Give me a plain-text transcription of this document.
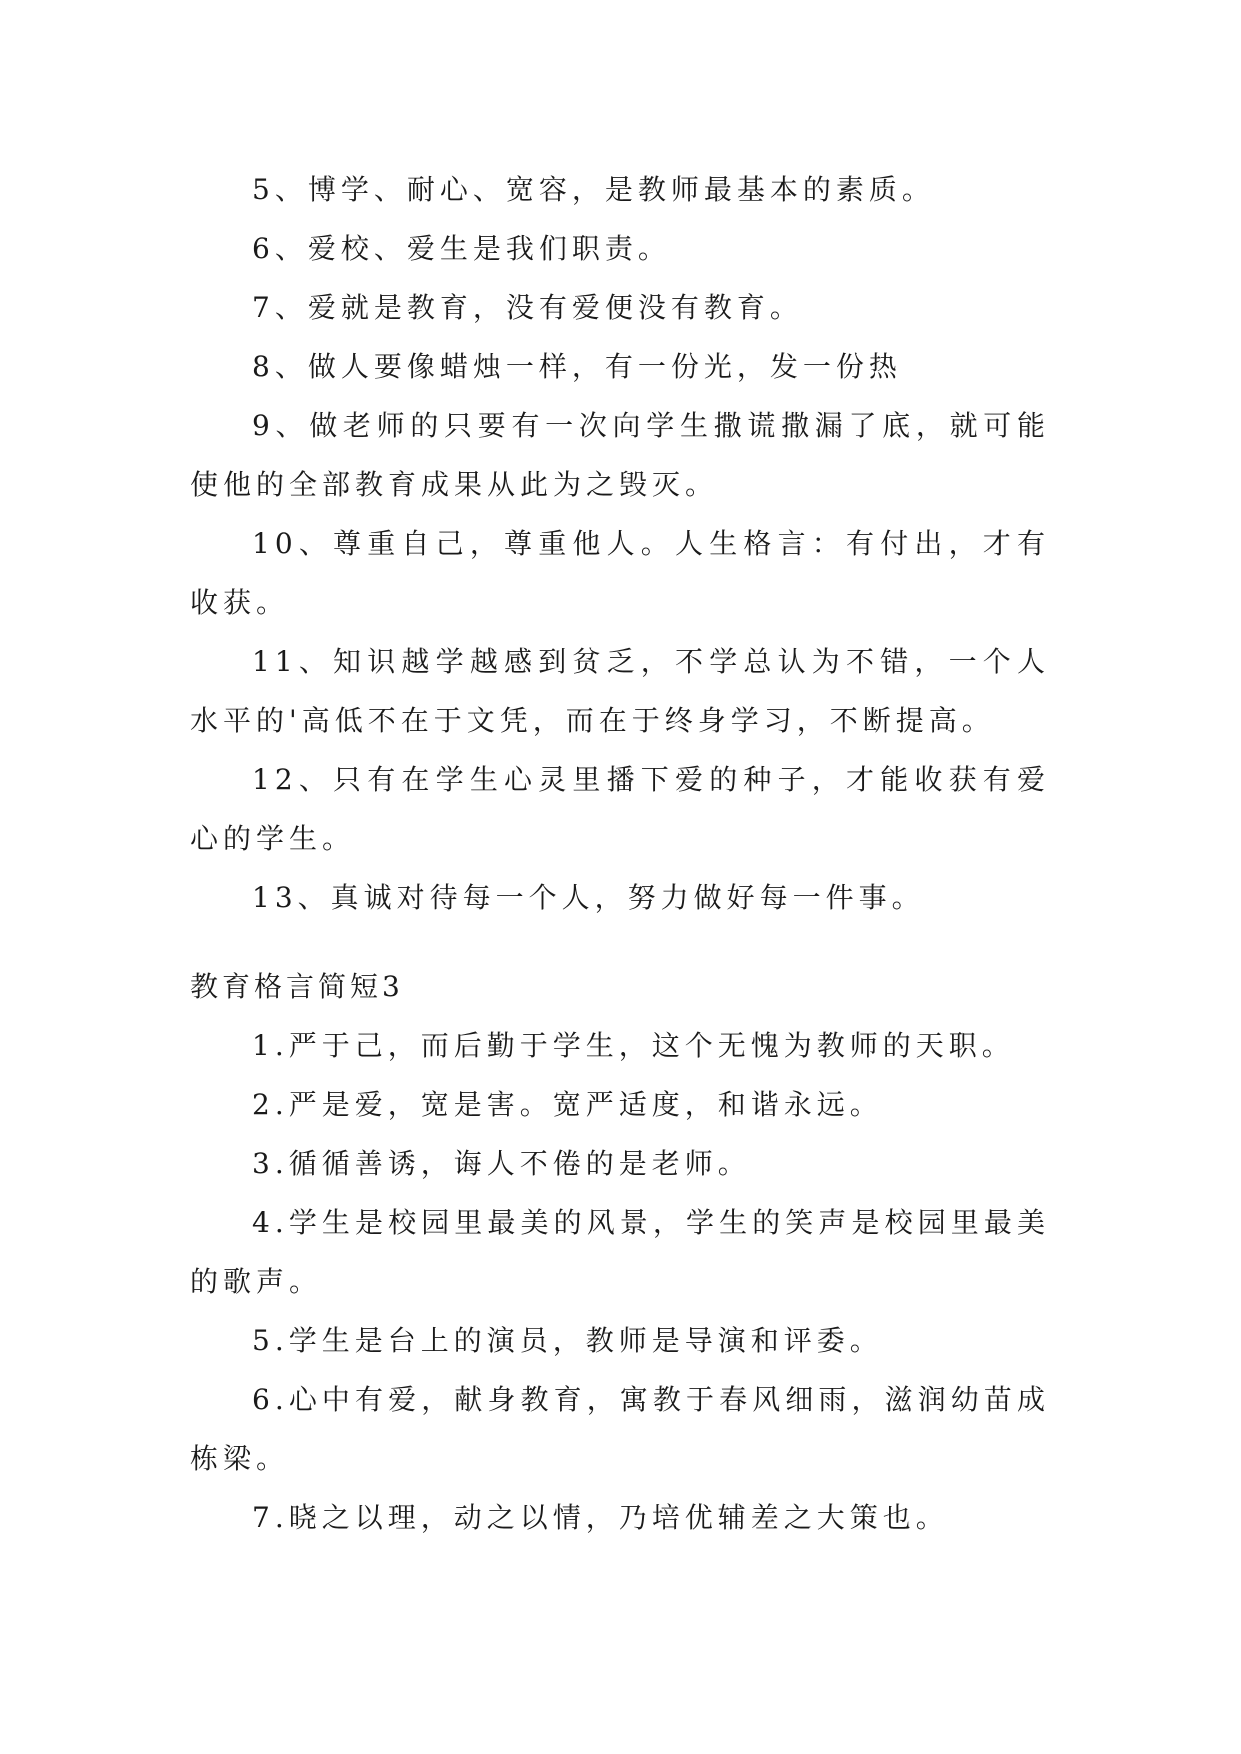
5、博学、耐心、宽容，是教师最基本的素质。

6、爱校、爱生是我们职责。

7、爱就是教育，没有爱便没有教育。

8、做人要像蜡烛一样，有一份光，发一份热

9、做老师的只要有一次向学生撒谎撒漏了底，就可能使他的全部教育成果从此为之毁灭。

10、尊重自己，尊重他人。人生格言：有付出，才有收获。

11、知识越学越感到贫乏，不学总认为不错，一个人水平的'高低不在于文凭，而在于终身学习，不断提高。

12、只有在学生心灵里播下爱的种子，才能收获有爱心的学生。

13、真诚对待每一个人，努力做好每一件事。

教育格言简短3

1.严于己，而后勤于学生，这个无愧为教师的天职。

2.严是爱，宽是害。宽严适度，和谐永远。

3.循循善诱，诲人不倦的是老师。

4.学生是校园里最美的风景，学生的笑声是校园里最美的歌声。

5.学生是台上的演员，教师是导演和评委。

6.心中有爱，献身教育，寓教于春风细雨，滋润幼苗成栋梁。

7.晓之以理，动之以情，乃培优辅差之大策也。
